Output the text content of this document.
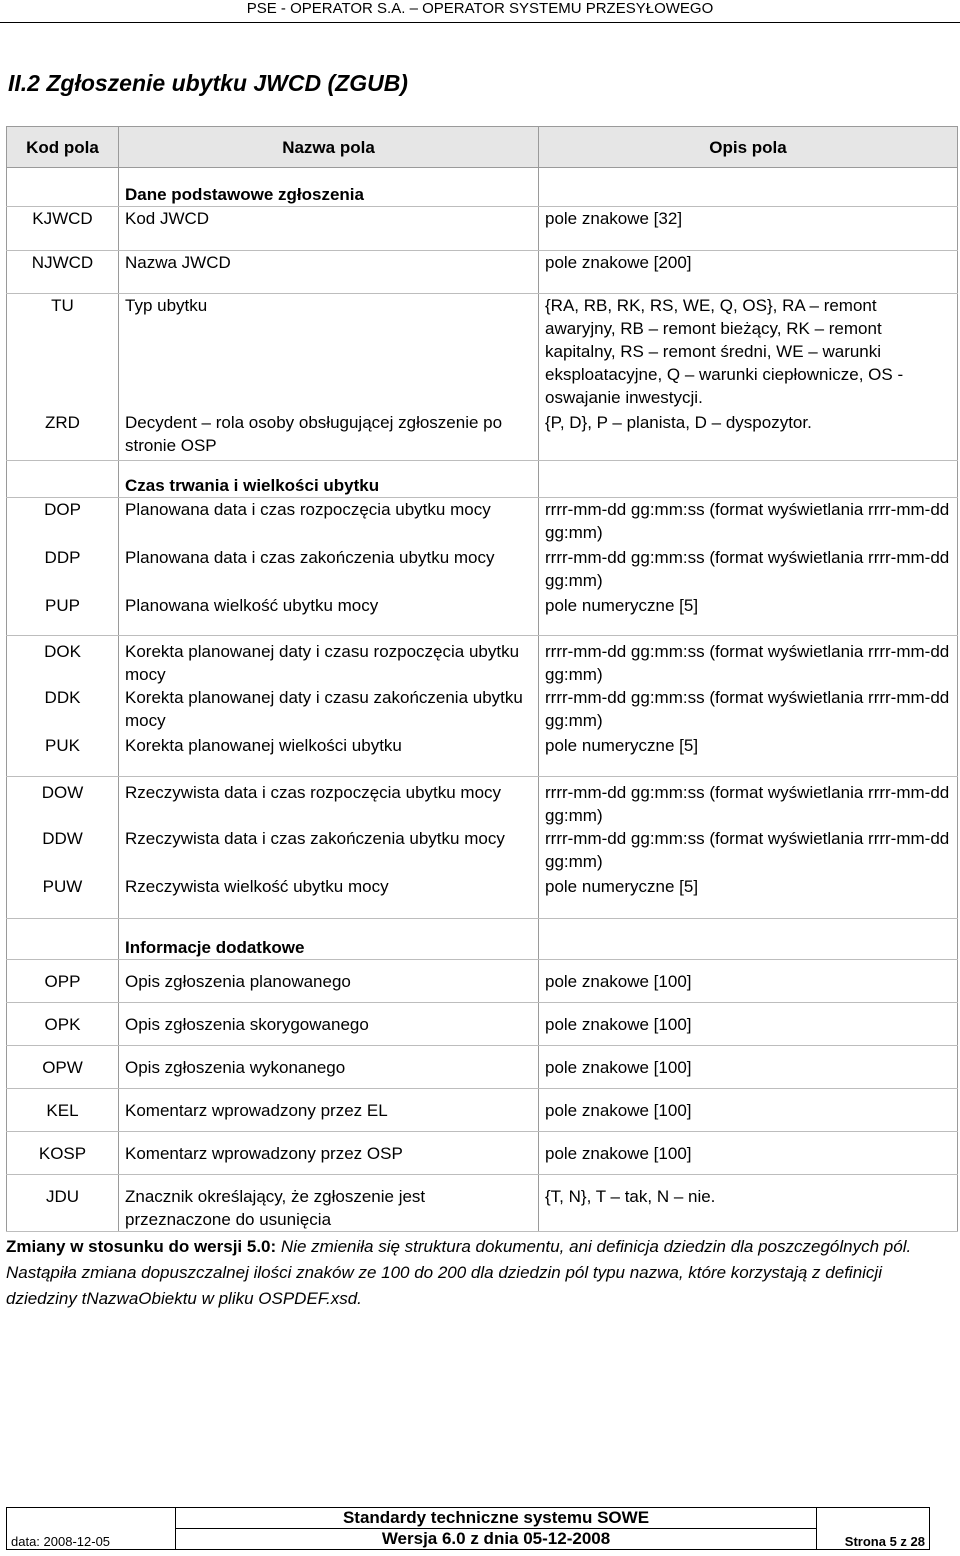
PSE - OPERATOR S.A. – OPERATOR SYSTEMU PRZESYŁOWEGO
II.2 Zgłoszenie ubytku JWCD (ZGUB)
Kod pola	Nazwa pola	Opis pola
	Dane podstawowe zgłoszenia	
KJWCD	Kod JWCD	pole znakowe [32]
NJWCD	Nazwa JWCD	pole znakowe [200]
TU	Typ ubytku	{RA, RB, RK, RS, WE, Q, OS}, RA – remont awaryjny, RB – remont bieżący, RK – remont kapitalny, RS – remont średni, WE – warunki eksploatacyjne, Q – warunki ciepłownicze, OS - oswajanie inwestycji.
ZRD	Decydent – rola osoby obsługującej zgłoszenie po stronie OSP	{P, D}, P – planista, D – dyspozytor.
	Czas trwania i wielkości ubytku	
DOP	Planowana data i czas rozpoczęcia ubytku mocy	rrrr-mm-dd gg:mm:ss (format wyświetlania rrrr-mm-dd gg:mm)
DDP	Planowana data i czas zakończenia ubytku mocy	rrrr-mm-dd gg:mm:ss (format wyświetlania rrrr-mm-dd gg:mm)
PUP	Planowana wielkość ubytku mocy	pole numeryczne [5]
DOK	Korekta planowanej daty i czasu rozpoczęcia ubytku mocy	rrrr-mm-dd gg:mm:ss (format wyświetlania rrrr-mm-dd gg:mm)
DDK	Korekta planowanej daty i czasu zakończenia ubytku mocy	rrrr-mm-dd gg:mm:ss (format wyświetlania rrrr-mm-dd gg:mm)
PUK	Korekta planowanej wielkości ubytku	pole numeryczne [5]
DOW	Rzeczywista data i czas rozpoczęcia ubytku mocy	rrrr-mm-dd gg:mm:ss (format wyświetlania rrrr-mm-dd gg:mm)
DDW	Rzeczywista data i czas zakończenia ubytku mocy	rrrr-mm-dd gg:mm:ss (format wyświetlania rrrr-mm-dd gg:mm)
PUW	Rzeczywista wielkość ubytku mocy	pole numeryczne [5]
	Informacje dodatkowe	
OPP	Opis zgłoszenia planowanego	pole znakowe [100]
OPK	Opis zgłoszenia skorygowanego	pole znakowe [100]
OPW	Opis zgłoszenia wykonanego	pole znakowe [100]
KEL	Komentarz wprowadzony przez EL	pole znakowe [100]
KOSP	Komentarz wprowadzony przez OSP	pole znakowe [100]
JDU	Znacznik określający, że zgłoszenie jest przeznaczone do usunięcia	{T, N}, T – tak, N – nie.
Zmiany w stosunku do wersji 5.0: Nie zmieniła się struktura dokumentu, ani definicja dziedzin dla poszczególnych pól. Nastąpiła zmiana dopuszczalnej ilości znaków ze 100 do 200 dla dziedzin pól typu nazwa, które korzystają z definicji dziedziny tNazwaObiektu w pliku OSPDEF.xsd.
data: 2008-12-05	Standardy techniczne systemu SOWE	Strona 5 z 28
Wersja 6.0 z dnia 05-12-2008
